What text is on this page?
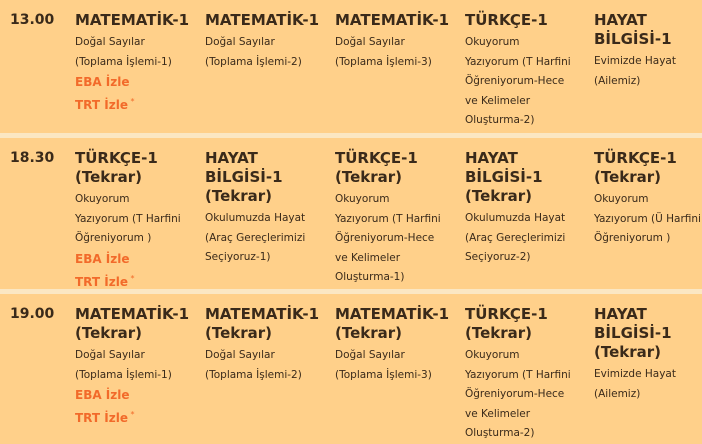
13.00 MATEMATİK-1
Doğal Sayılar
(Toplama İşlemi-1)
EBA İzle
TRT İzle *
MATEMATİK-1
Doğal Sayılar
(Toplama İşlemi-2)
MATEMATİK-1
Doğal Sayılar
(Toplama İşlemi-3)
TÜRKÇE-1
Okuyorum
Yazıyorum (T Harfini
Öğreniyorum-Hece
ve Kelimeler
Oluşturma-2)
HAYAT
BİLGİSİ-1
Evimizde Hayat
(Ailemiz)
18.30 TÜRKÇE-1
(Tekrar)
Okuyorum
Yazıyorum (T Harfini
Öğreniyorum )
EBA İzle
TRT İzle *
HAYAT
BİLGİSİ-1
(Tekrar)
Okulumuzda Hayat
(Araç Gereçlerimizi
Seçiyoruz-1)
TÜRKÇE-1
(Tekrar)
Okuyorum
Yazıyorum (T Harfini
Öğreniyorum-Hece
ve Kelimeler
Oluşturma-1)
HAYAT
BİLGİSİ-1
(Tekrar)
Okulumuzda Hayat
(Araç Gereçlerimizi
Seçiyoruz-2)
TÜRKÇE-1
(Tekrar)
Okuyorum
Yazıyorum (Ü Harfini
Öğreniyorum )
19.00 MATEMATİK-1
(Tekrar)
Doğal Sayılar
(Toplama İşlemi-1)
EBA İzle
TRT İzle *
MATEMATİK-1
(Tekrar)
Doğal Sayılar
(Toplama İşlemi-2)
MATEMATİK-1
(Tekrar)
Doğal Sayılar
(Toplama İşlemi-3)
TÜRKÇE-1
(Tekrar)
Okuyorum
Yazıyorum (T Harfini
Öğreniyorum-Hece
ve Kelimeler
Oluşturma-2)
HAYAT
BİLGİSİ-1
(Tekrar)
Evimizde Hayat
(Ailemiz)
